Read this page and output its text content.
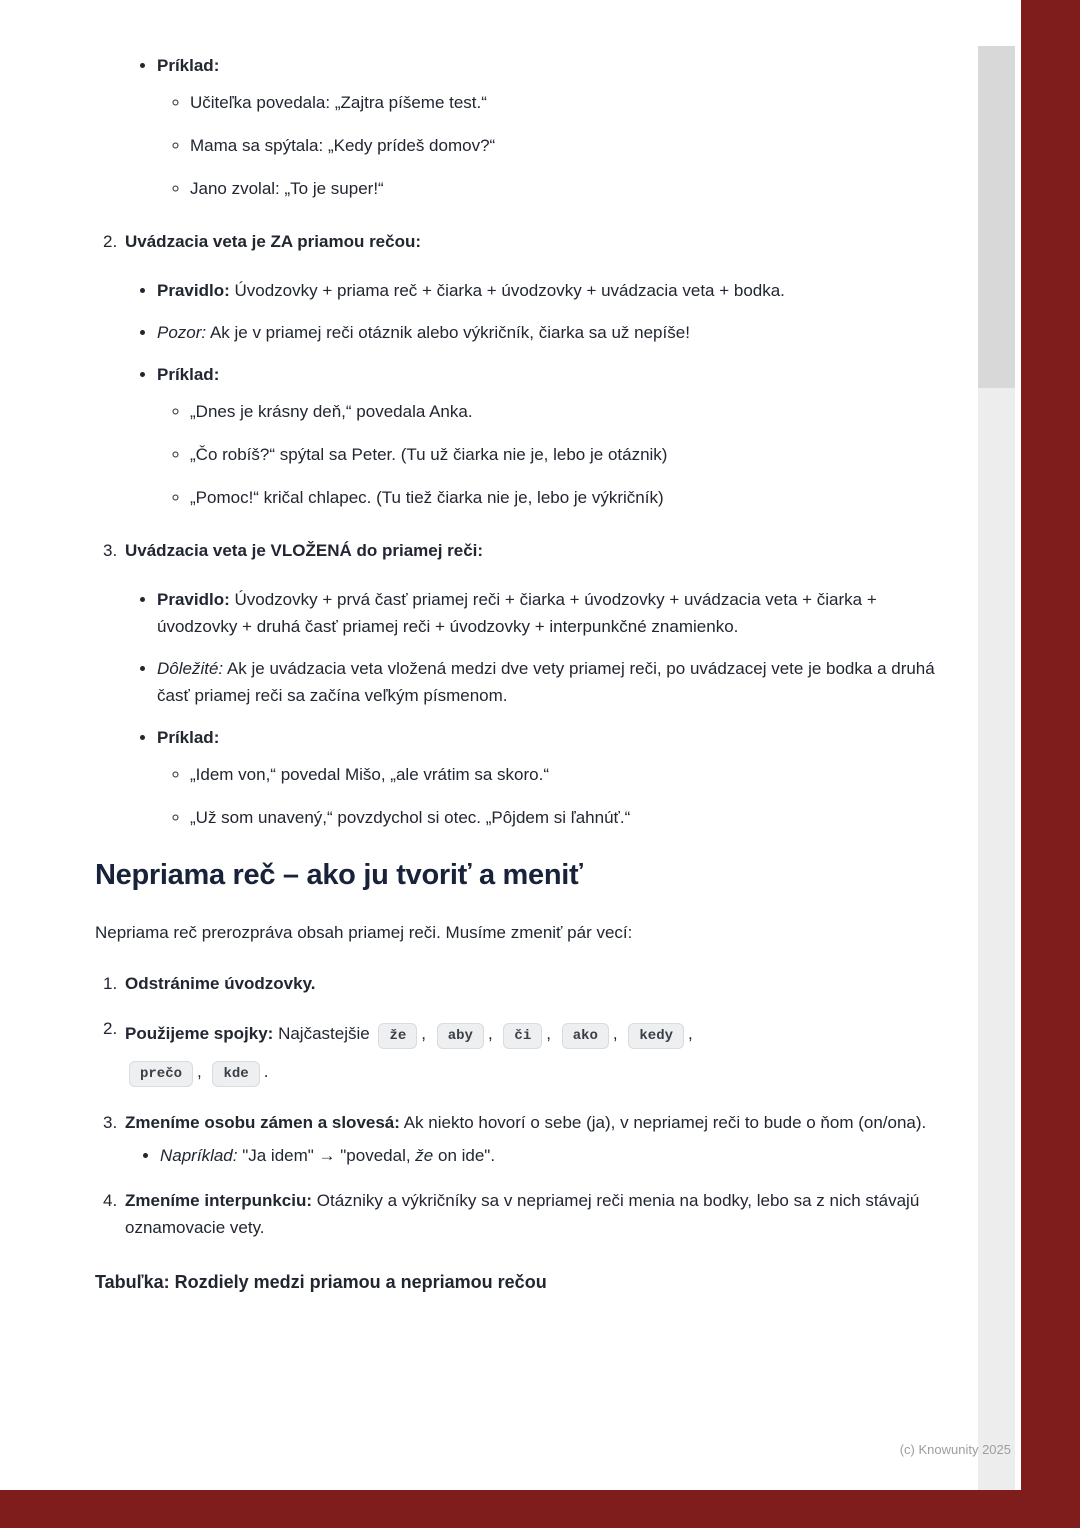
• Príklad:
◦ Učiteľka povedala: „Zajtra píšeme test.“
◦ Mama sa spýtala: „Kedy prídeš domov?“
◦ Jano zvolal: „To je super!“
2. Uvádzacia veta je ZA priamou rečou:
• Pravidlo: Úvodzovky + priama reč + čiarka + úvodzovky + uvádzacia veta + bodka.
• Pozor: Ak je v priamej reči otáznik alebo výkričník, čiarka sa už nepíše!
• Príklad:
◦ „Dnes je krásny deň,“ povedala Anka.
◦ „Čo robíš?“ spýtal sa Peter. (Tu už čiarka nie je, lebo je otáznik)
◦ „Pomoc!“ kričal chlapec. (Tu tiež čiarka nie je, lebo je výkričník)
3. Uvádzacia veta je VLOŽENÁ do priamej reči:
• Pravidlo: Úvodzovky + prvá časť priamej reči + čiarka + úvodzovky + uvádzacia veta + čiarka + úvodzovky + druhá časť priamej reči + úvodzovky + interpunkčné znamienko.
• Dôležité: Ak je uvádzacia veta vložená medzi dve vety priamej reči, po uvádzacej vete je bodka a druhá časť priamej reči sa začína veľkým písmenom.
• Príklad:
◦ „Idem von,“ povedal Mišo, „ale vrátim sa skoro.“
◦ „Už som unavený,“ povzdychol si otec. „Pôjdem si ľahnúť.“
Nepriama reč – ako ju tvoriť a meniť

Nepriama reč prerozpráva obsah priamej reči. Musíme zmeniť pár vecí:

1. Odstránime úvodzovky.
2. Použijeme spojky: Najčastejšie že , aby , či , ako , kedy ,
prečo , kde .
3. Zmeníme osobu zámen a slovesá: Ak niekto hovorí o sebe (ja), v nepriamej reči to bude o ňom (on/ona).
• Napríklad: "Ja idem" → "povedal, že on ide".
4. Zmeníme interpunkciu: Otázniky a výkričníky sa v nepriamej reči menia na bodky, lebo sa z nich stávajú oznamovacie vety.
Tabuľka: Rozdiely medzi priamou a nepriamou rečou
(c) Knowunity 2025
